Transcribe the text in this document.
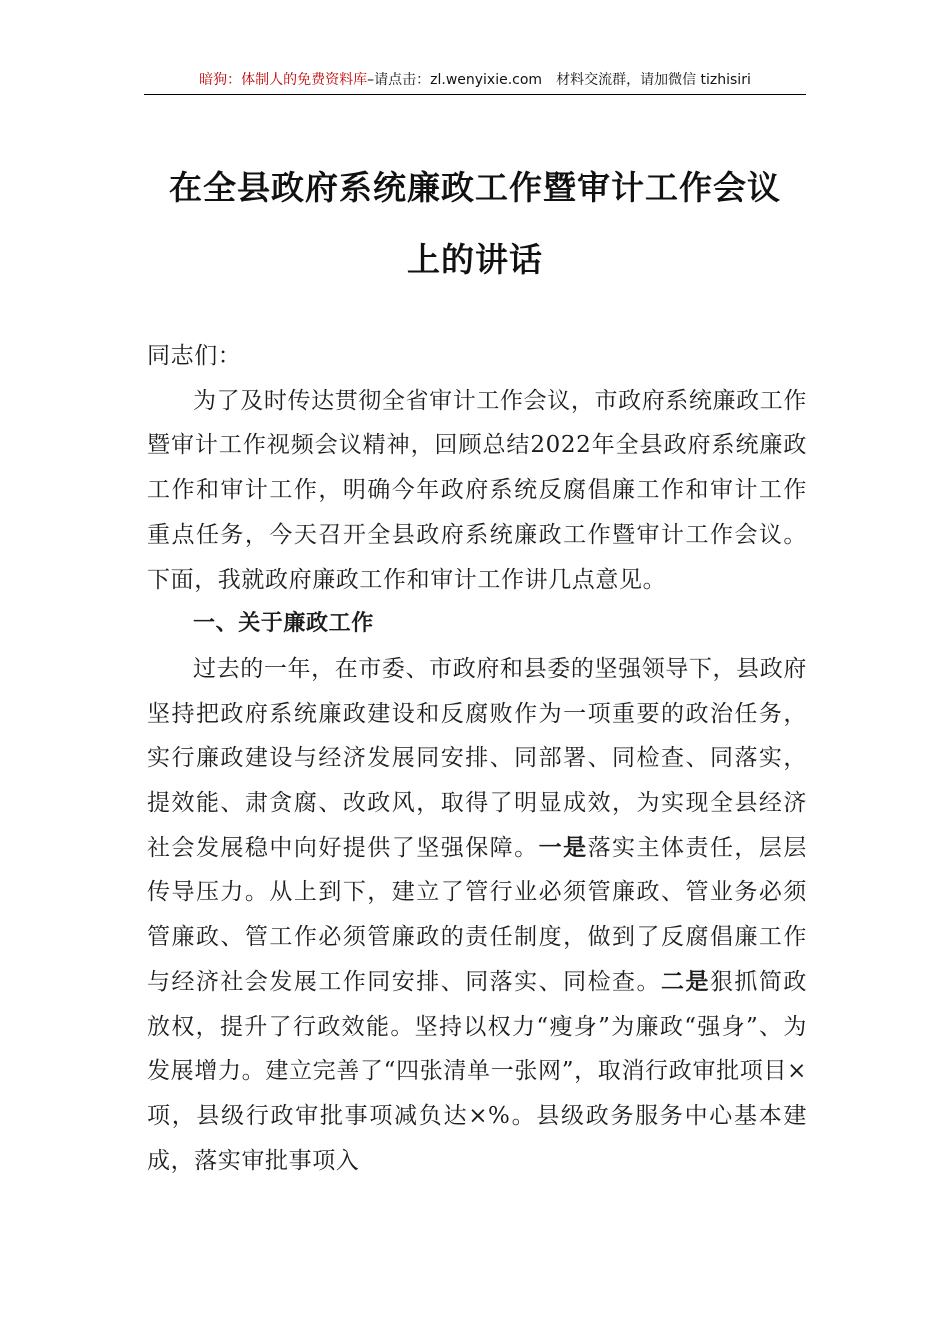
暗狗：体制人的免费资料库–请点击：zl.wenyixie.com 材料交流群，请加微信 tizhisiri
在全县政府系统廉政工作暨审计工作会议
上的讲话

同志们：

为了及时传达贯彻全省审计工作会议，市政府系统廉政工作暨审计工作视频会议精神，回顾总结2022年全县政府系统廉政工作和审计工作，明确今年政府系统反腐倡廉工作和审计工作重点任务，今天召开全县政府系统廉政工作暨审计工作会议。下面，我就政府廉政工作和审计工作讲几点意见。

一、关于廉政工作

过去的一年，在市委、市政府和县委的坚强领导下，县政府坚持把政府系统廉政建设和反腐败作为一项重要的政治任务，实行廉政建设与经济发展同安排、同部署、同检查、同落实，提效能、肃贪腐、改政风，取得了明显成效，为实现全县经济社会发展稳中向好提供了坚强保障。一是落实主体责任，层层传导压力。从上到下，建立了管行业必须管廉政、管业务必须管廉政、管工作必须管廉政的责任制度，做到了反腐倡廉工作与经济社会发展工作同安排、同落实、同检查。二是狠抓简政放权，提升了行政效能。坚持以权力“瘦身”为廉政“强身”、为发展增力。建立完善了“四张清单一张网”，取消行政审批项目×项，县级行政审批事项减负达×%。县级政务服务中心基本建成，落实审批事项入
